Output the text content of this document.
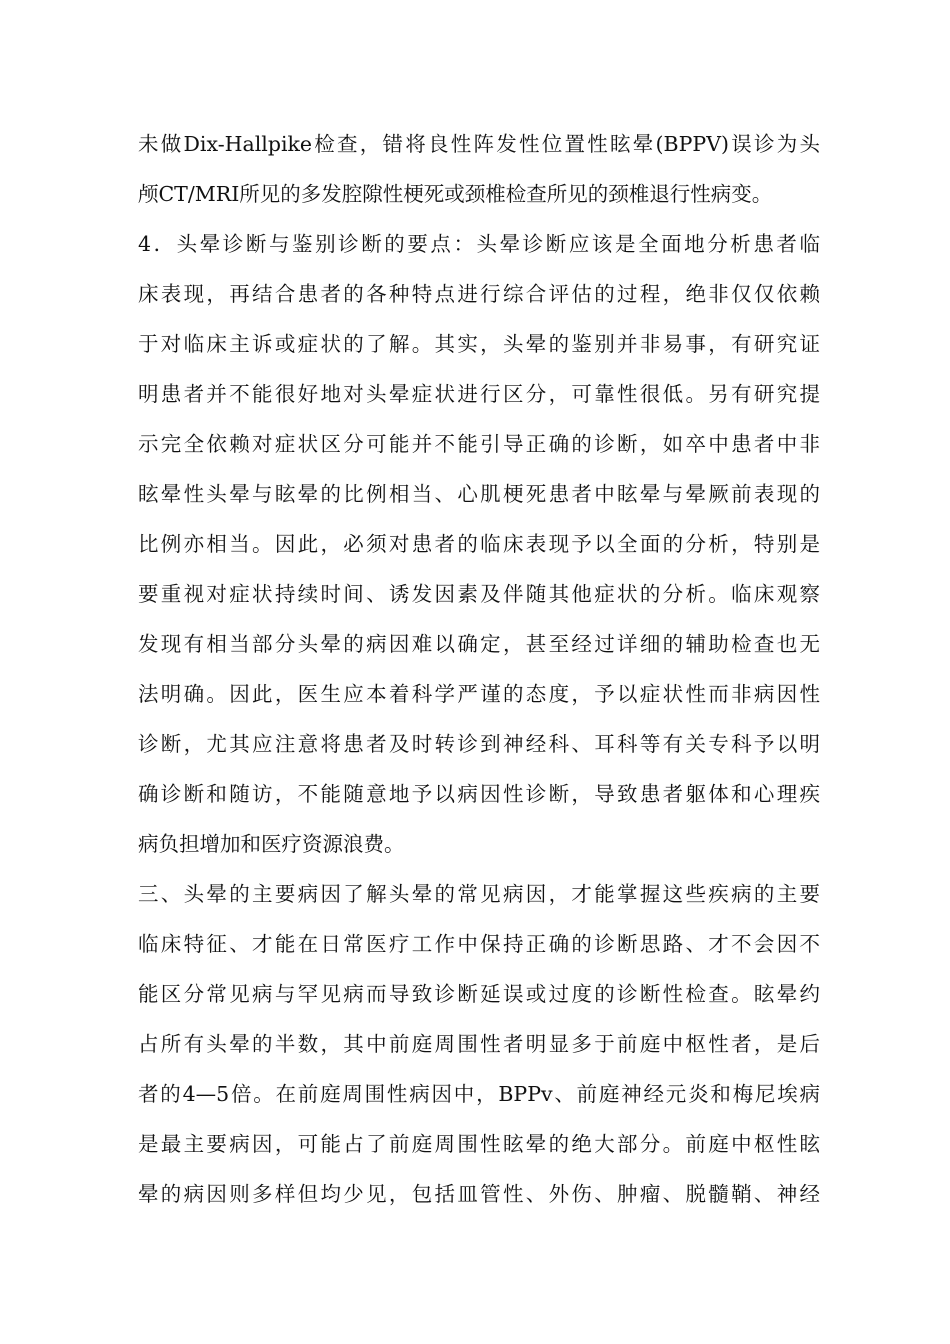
未做Dix-Hallpike检查，错将良性阵发性位置性眩晕(BPPV)误诊为头
颅CT/MRI所见的多发腔隙性梗死或颈椎检查所见的颈椎退行性病变。
4．头晕诊断与鉴别诊断的要点：头晕诊断应该是全面地分析患者临
床表现，再结合患者的各种特点进行综合评估的过程，绝非仅仅依赖
于对临床主诉或症状的了解。其实，头晕的鉴别并非易事，有研究证
明患者并不能很好地对头晕症状进行区分，可靠性很低。另有研究提
示完全依赖对症状区分可能并不能引导正确的诊断，如卒中患者中非
眩晕性头晕与眩晕的比例相当、心肌梗死患者中眩晕与晕厥前表现的
比例亦相当。因此，必须对患者的临床表现予以全面的分析，特别是
要重视对症状持续时间、诱发因素及伴随其他症状的分析。临床观察
发现有相当部分头晕的病因难以确定，甚至经过详细的辅助检查也无
法明确。因此，医生应本着科学严谨的态度，予以症状性而非病因性
诊断，尤其应注意将患者及时转诊到神经科、耳科等有关专科予以明
确诊断和随访，不能随意地予以病因性诊断，导致患者躯体和心理疾
病负担增加和医疗资源浪费。
三、头晕的主要病因了解头晕的常见病因，才能掌握这些疾病的主要
临床特征、才能在日常医疗工作中保持正确的诊断思路、才不会因不
能区分常见病与罕见病而导致诊断延误或过度的诊断性检查。眩晕约
占所有头晕的半数，其中前庭周围性者明显多于前庭中枢性者，是后
者的4—5倍。在前庭周围性病因中，BPPv、前庭神经元炎和梅尼埃病
是最主要病因，可能占了前庭周围性眩晕的绝大部分。前庭中枢性眩
晕的病因则多样但均少见，包括皿管性、外伤、肿瘤、脱髓鞘、神经
